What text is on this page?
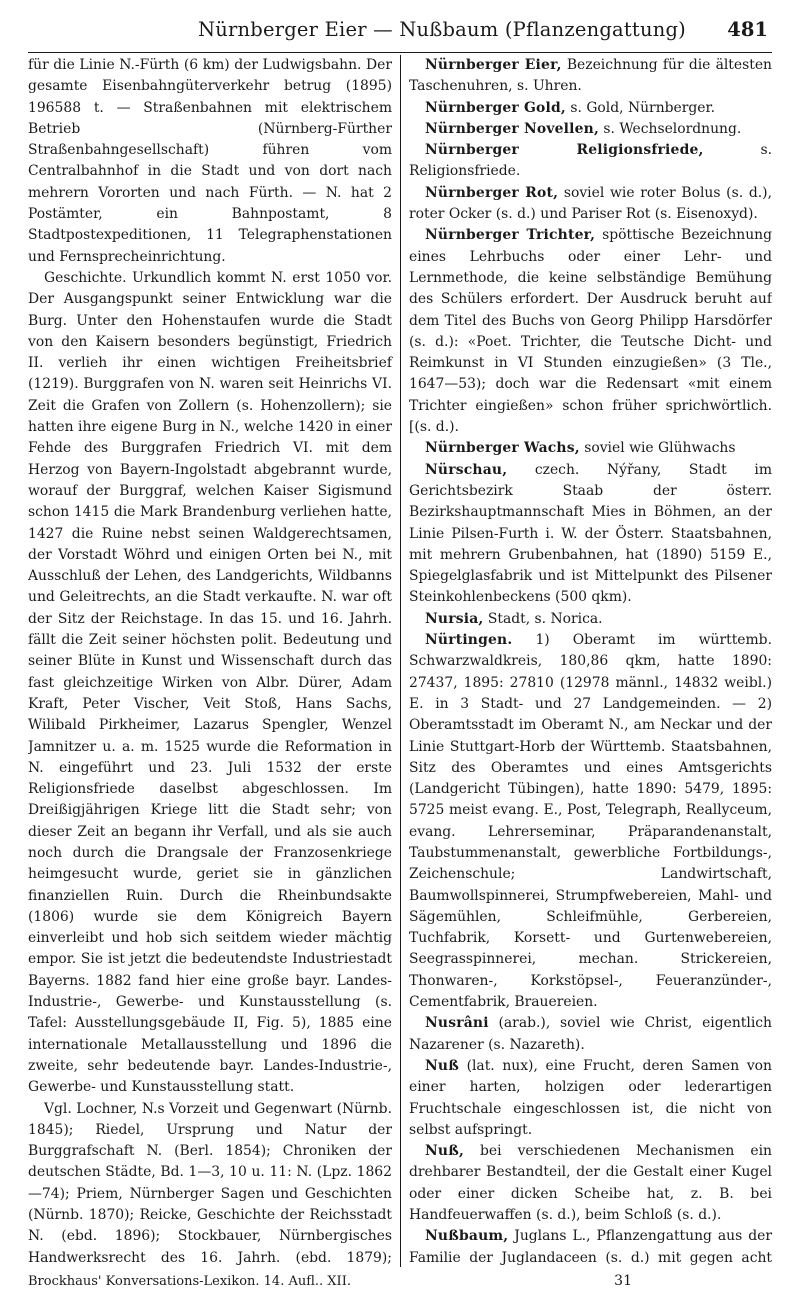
Nürnberger Eier — Nußbaum (Pflanzengattung) 481

für die Linie N.-Fürth (6 km) der Ludwigsbahn. Der gesamte Eisenbahngüterverkehr betrug (1895) 196588 t. — Straßenbahnen mit elektrischem Betrieb (Nürnberg-Fürther Straßenbahngesellschaft) führen vom Centralbahnhof in die Stadt und von dort nach mehrern Vororten und nach Fürth. — N. hat 2 Postämter, ein Bahnpostamt, 8 Stadtpostexpeditionen, 11 Telegraphenstationen und Fernsprecheinrichtung.

Geschichte. Urkundlich kommt N. erst 1050 vor. Der Ausgangspunkt seiner Entwicklung war die Burg. Unter den Hohenstaufen wurde die Stadt von den Kaisern besonders begünstigt, Friedrich II. verlieh ihr einen wichtigen Freiheitsbrief (1219). Burggrafen von N. waren seit Heinrichs VI. Zeit die Grafen von Zollern (s. Hohenzollern); sie hatten ihre eigene Burg in N., welche 1420 in einer Fehde des Burggrafen Friedrich VI. mit dem Herzog von Bayern-Ingolstadt abgebrannt wurde, worauf der Burggraf, welchen Kaiser Sigismund schon 1415 die Mark Brandenburg verliehen hatte, 1427 die Ruine nebst seinen Waldgerechtsamen, der Vorstadt Wöhrd und einigen Orten bei N., mit Ausschluß der Lehen, des Landgerichts, Wildbanns und Geleitrechts, an die Stadt verkaufte. N. war oft der Sitz der Reichstage. In das 15. und 16. Jahrh. fällt die Zeit seiner höchsten polit. Bedeutung und seiner Blüte in Kunst und Wissenschaft durch das fast gleichzeitige Wirken von Albr. Dürer, Adam Kraft, Peter Vischer, Veit Stoß, Hans Sachs, Wilibald Pirkheimer, Lazarus Spengler, Wenzel Jamnitzer u. a. m. 1525 wurde die Reformation in N. eingeführt und 23. Juli 1532 der erste Religionsfriede daselbst abgeschlossen. Im Dreißigjährigen Kriege litt die Stadt sehr; von dieser Zeit an begann ihr Verfall, und als sie auch noch durch die Drangsale der Franzosenkriege heimgesucht wurde, geriet sie in gänzlichen finanziellen Ruin. Durch die Rheinbundsakte (1806) wurde sie dem Königreich Bayern einverleibt und hob sich seitdem wieder mächtig empor. Sie ist jetzt die bedeutendste Industriestadt Bayerns. 1882 fand hier eine große bayr. Landes-Industrie-, Gewerbe- und Kunstausstellung (s. Tafel: Ausstellungsgebäude II, Fig. 5), 1885 eine internationale Metallausstellung und 1896 die zweite, sehr bedeutende bayr. Landes-Industrie-, Gewerbe- und Kunstausstellung statt.

Vgl. Lochner, N.s Vorzeit und Gegenwart (Nürnb. 1845); Riedel, Ursprung und Natur der Burggrafschaft N. (Berl. 1854); Chroniken der deutschen Städte, Bd. 1—3, 10 u. 11: N. (Lpz. 1862—74); Priem, Nürnberger Sagen und Geschichten (Nürnb. 1870); Reicke, Geschichte der Reichsstadt N. (ebd. 1896); Stockbauer, Nürnbergisches Handwerksrecht des 16. Jahrh. (ebd. 1879);

Nürnberger Eier, Bezeichnung für die ältesten Taschenuhren, s. Uhren.

Nürnberger Gold, s. Gold, Nürnberger.

Nürnberger Novellen, s. Wechselordnung.

Nürnberger Religionsfriede, s. Religionsfriede.

Nürnberger Rot, soviel wie roter Bolus (s. d.), roter Ocker (s. d.) und Pariser Rot (s. Eisenoxyd).

Nürnberger Trichter, spöttische Bezeichnung eines Lehrbuchs oder einer Lehr- und Lernmethode, die keine selbständige Bemühung des Schülers erfordert. Der Ausdruck beruht auf dem Titel des Buchs von Georg Philipp Harsdörfer (s. d.): «Poet. Trichter, die Teutsche Dicht- und Reimkunst in VI Stunden einzugießen» (3 Tle., 1647—53); doch war die Redensart «mit einem Trichter eingießen» schon früher sprichwörtlich. [(s. d.).

Nürnberger Wachs, soviel wie Glühwachs

Nürschau, czech. Nýřany, Stadt im Gerichtsbezirk Staab der österr. Bezirkshauptmannschaft Mies in Böhmen, an der Linie Pilsen-Furth i. W. der Österr. Staatsbahnen, mit mehrern Grubenbahnen, hat (1890) 5159 E., Spiegelglasfabrik und ist Mittelpunkt des Pilsener Steinkohlenbeckens (500 qkm).

Nursia, Stadt, s. Norica.

Nürtingen. 1) Oberamt im württemb. Schwarzwaldkreis, 180,86 qkm, hatte 1890: 27437, 1895: 27810 (12978 männl., 14832 weibl.) E. in 3 Stadt- und 27 Landgemeinden. — 2) Oberamtsstadt im Oberamt N., am Neckar und der Linie Stuttgart-Horb der Württemb. Staatsbahnen, Sitz des Oberamtes und eines Amtsgerichts (Landgericht Tübingen), hatte 1890: 5479, 1895: 5725 meist evang. E., Post, Telegraph, Reallyceum, evang. Lehrerseminar, Präparandenanstalt, Taubstummenanstalt, gewerbliche Fortbildungs-, Zeichenschule; Landwirtschaft, Baumwollspinnerei, Strumpfwebereien, Mahl- und Sägemühlen, Schleifmühle, Gerbereien, Tuchfabrik, Korsett- und Gurtenwebereien, Seegrasspinnerei, mechan. Strickereien, Thonwaren-, Korkstöpsel-, Feueranzünder-, Cementfabrik, Brauereien.

Nusrâni (arab.), soviel wie Christ, eigentlich Nazarener (s. Nazareth).

Nuß (lat. nux), eine Frucht, deren Samen von einer harten, holzigen oder lederartigen Fruchtschale eingeschlossen ist, die nicht von selbst aufspringt.

Nuß, bei verschiedenen Mechanismen ein drehbarer Bestandteil, der die Gestalt einer Kugel oder einer dicken Scheibe hat, z. B. bei Handfeuerwaffen (s. d.), beim Schloß (s. d.).

Nußbaum, Juglans L., Pflanzengattung aus der Familie der Juglandaceen (s. d.) mit gegen acht

Brockhaus' Konversations-Lexikon. 14. Aufl.. XII.	31
